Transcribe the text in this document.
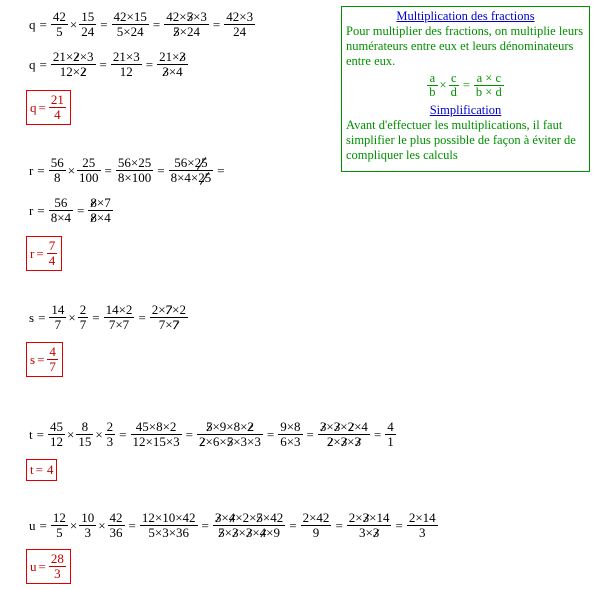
$q = \frac{42}{5} \times \frac{15}{24} = \frac{42\times 15}{5\times 24} = \frac{42\times 5\times 3}{5\times 24} = \frac{42\times 3}{24}$
$q = \frac{21\times 2\times 3}{12\times 2} = \frac{21\times 3}{12} = \frac{21\times 3}{3\times 4}$
$q = \frac{21}{4}$
$r = \frac{56}{8} \times \frac{25}{100} = \frac{56\times 25}{8\times 100} = \frac{56\times 25}{8\times 4\times 25}$ =
$r = \frac{56}{8\times 4} = \frac{8\times 7}{8\times 4}$
$r = \frac{7}{4}$
$s = \frac{14}{7} \times \frac{2}{7} = \frac{14\times 2}{7\times 7} = \frac{2\times 7\times 2}{7\times 7}$
$s = \frac{4}{7}$
$t = \frac{45}{12} \times \frac{8}{15} \times \frac{2}{3} = \frac{45\times 8\times 2}{12\times 15\times 3} = \frac{5\times 9\times 8\times 2}{2\times 6\times 5\times 3\times 3} = \frac{9\times 8}{6\times 3} = \frac{3\times 3\times 2\times 4}{2\times 3\times 3} = \frac{4}{1}$
t = 4
$u = \frac{12}{5} \times \frac{10}{3} \times \frac{42}{36} = \frac{12\times 10\times 42}{5\times 3\times 36} = \frac{3\times 4\times 2\times 5\times 42}{5\times 3\times 3\times 4\times 9} = \frac{2\times 42}{9} = \frac{2\times 3\times 14}{3\times 3} = \frac{2\times 14}{3}$
$u = \frac{28}{3}$
Multiplication des fractions
Pour multiplier des fractions, on multiplie leurs numérateurs entre eux et leurs dénominateurs entre eux.
$\frac{a}{b} \times \frac{c}{d} = \frac{a \times c}{b \times d}$
Simplification
Avant d'effectuer les multiplications, il faut simplifier le plus possible de façon à éviter de compliquer les calculs
